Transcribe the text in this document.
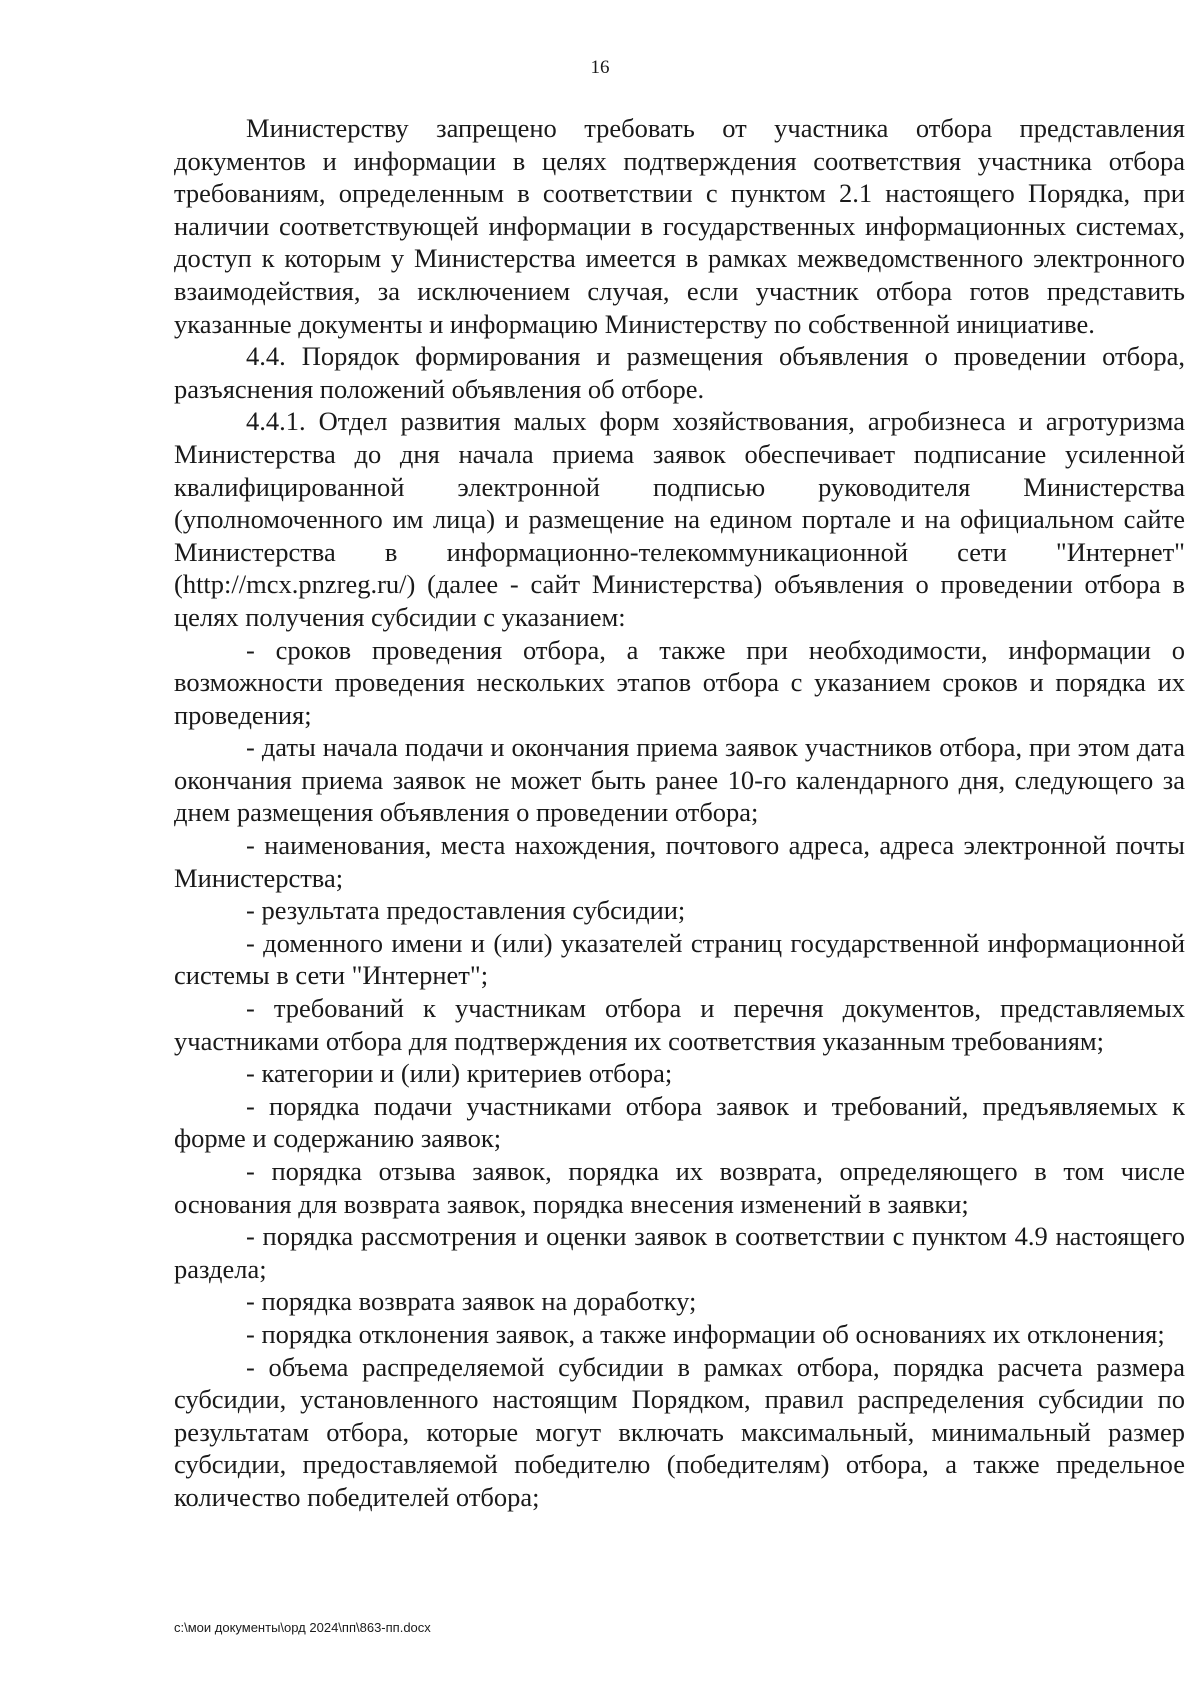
16

Министерству запрещено требовать от участника отбора представления документов и информации в целях подтверждения соответствия участника отбора требованиям, определенным в соответствии с пунктом 2.1 настоящего Порядка, при наличии соответствующей информации в государственных информационных системах, доступ к которым у Министерства имеется в рамках межведомственного электронного взаимодействия, за исключением случая, если участник отбора готов представить указанные документы и информацию Министерству по собственной инициативе.

4.4. Порядок формирования и размещения объявления о проведении отбора, разъяснения положений объявления об отборе.

4.4.1. Отдел развития малых форм хозяйствования, агробизнеса и агротуризма Министерства до дня начала приема заявок обеспечивает подписание усиленной квалифицированной электронной подписью руководителя Министерства (уполномоченного им лица) и размещение на едином портале и на официальном сайте Министерства в информационно-телекоммуникационной сети "Интернет" (http://mcx.pnzreg.ru/) (далее - сайт Министерства) объявления о проведении отбора в целях получения субсидии с указанием:

- сроков проведения отбора, а также при необходимости, информации о возможности проведения нескольких этапов отбора с указанием сроков и порядка их проведения;

- даты начала подачи и окончания приема заявок участников отбора, при этом дата окончания приема заявок не может быть ранее 10-го календарного дня, следующего за днем размещения объявления о проведении отбора;

- наименования, места нахождения, почтового адреса, адреса электронной почты Министерства;

- результата предоставления субсидии;

- доменного имени и (или) указателей страниц государственной информационной системы в сети "Интернет";

- требований к участникам отбора и перечня документов, представляемых участниками отбора для подтверждения их соответствия указанным требованиям;

- категории и (или) критериев отбора;

- порядка подачи участниками отбора заявок и требований, предъявляемых к форме и содержанию заявок;

- порядка отзыва заявок, порядка их возврата, определяющего в том числе основания для возврата заявок, порядка внесения изменений в заявки;

- порядка рассмотрения и оценки заявок в соответствии с пунктом 4.9 настоящего раздела;

- порядка возврата заявок на доработку;

- порядка отклонения заявок, а также информации об основаниях их отклонения;

- объема распределяемой субсидии в рамках отбора, порядка расчета размера субсидии, установленного настоящим Порядком, правил распределения субсидии по результатам отбора, которые могут включать максимальный, минимальный размер субсидии, предоставляемой победителю (победителям) отбора, а также предельное количество победителей отбора;

c:\мои документы\орд 2024\пп\863-пп.docx
